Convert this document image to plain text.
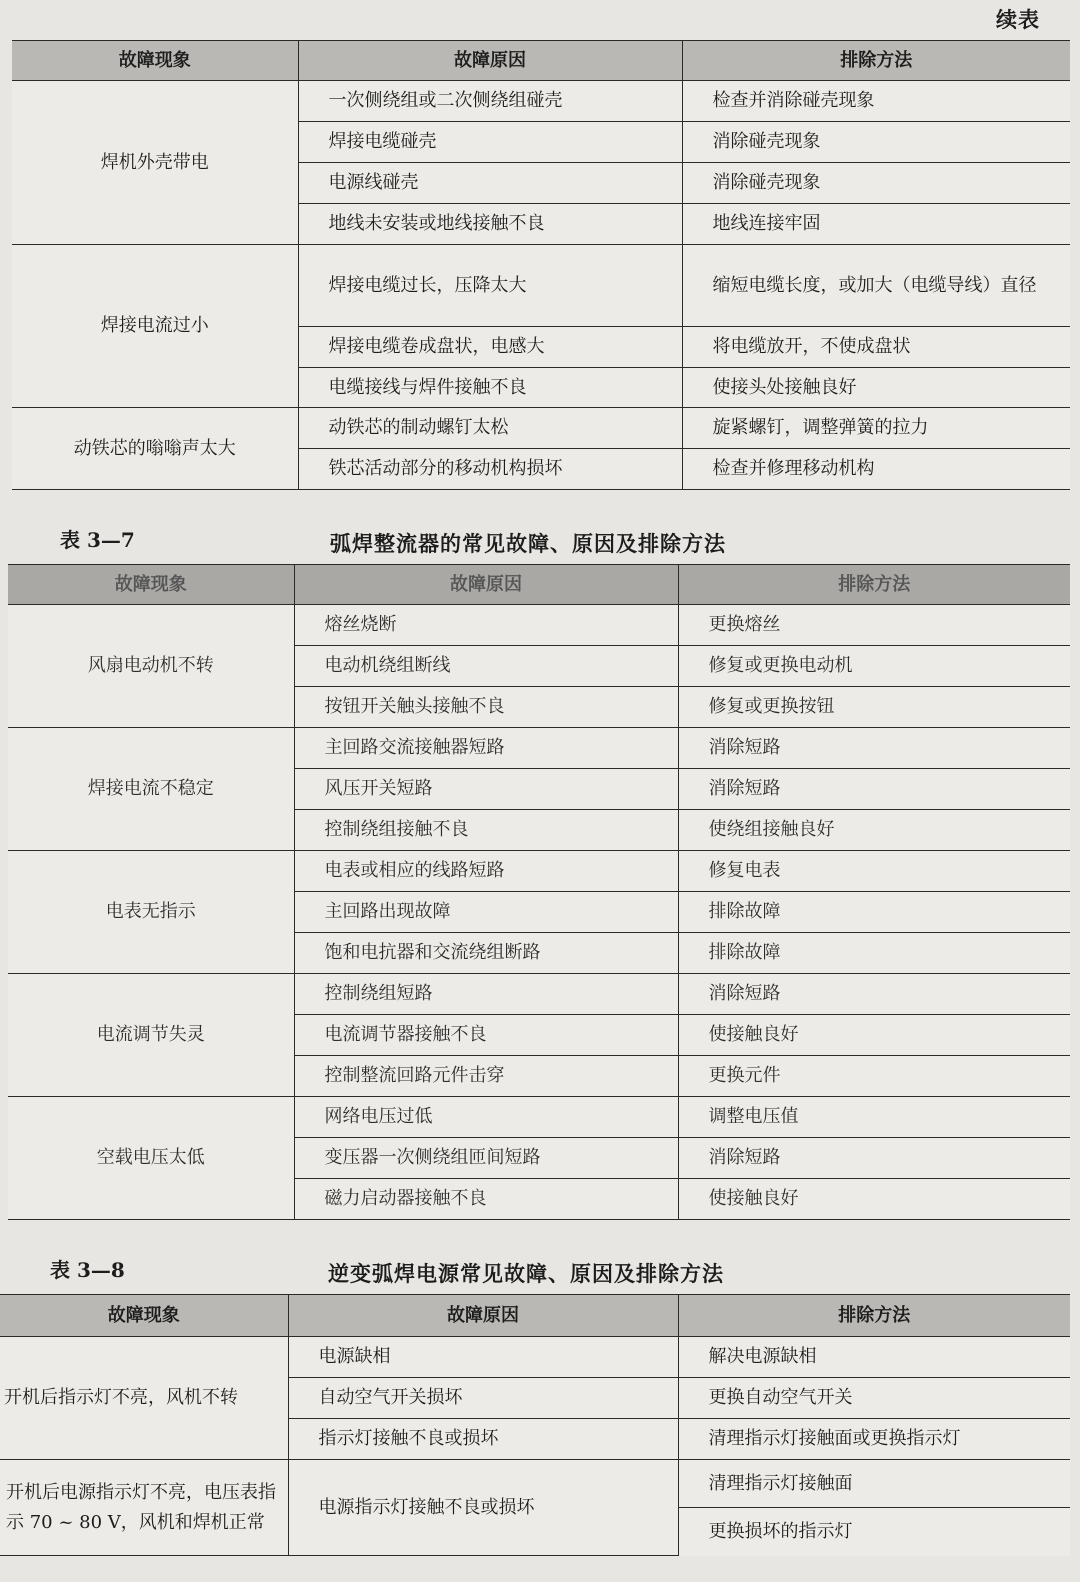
续表
故障现象	故障原因	排除方法
焊机外壳带电	一次侧绕组或二次侧绕组碰壳	检查并消除碰壳现象
	焊接电缆碰壳	消除碰壳现象
	电源线碰壳	消除碰壳现象
	地线未安装或地线接触不良	地线连接牢固
焊接电流过小	焊接电缆过长，压降太大	缩短电缆长度，或加大（电缆导线）直径
	焊接电缆卷成盘状，电感大	将电缆放开，不使成盘状
	电缆接线与焊件接触不良	使接头处接触良好
动铁芯的嗡嗡声太大	动铁芯的制动螺钉太松	旋紧螺钉，调整弹簧的拉力
	铁芯活动部分的移动机构损坏	检查并修理移动机构
表 3—7	弧焊整流器的常见故障、原因及排除方法
故障现象	故障原因	排除方法
风扇电动机不转	熔丝烧断	更换熔丝
	电动机绕组断线	修复或更换电动机
	按钮开关触头接触不良	修复或更换按钮
焊接电流不稳定	主回路交流接触器短路	消除短路
	风压开关短路	消除短路
	控制绕组接触不良	使绕组接触良好
电表无指示	电表或相应的线路短路	修复电表
	主回路出现故障	排除故障
	饱和电抗器和交流绕组断路	排除故障
电流调节失灵	控制绕组短路	消除短路
	电流调节器接触不良	使接触良好
	控制整流回路元件击穿	更换元件
空载电压太低	网络电压过低	调整电压值
	变压器一次侧绕组匝间短路	消除短路
	磁力启动器接触不良	使接触良好
表 3—8	逆变弧焊电源常见故障、原因及排除方法
故障现象	故障原因	排除方法
开机后指示灯不亮，风机不转	电源缺相	解决电源缺相
	自动空气开关损坏	更换自动空气开关
	指示灯接触不良或损坏	清理指示灯接触面或更换指示灯
开机后电源指示灯不亮，电压表指示 70 ~ 80 V，风机和焊机正常	电源指示灯接触不良或损坏	清理指示灯接触面
		更换损坏的指示灯
